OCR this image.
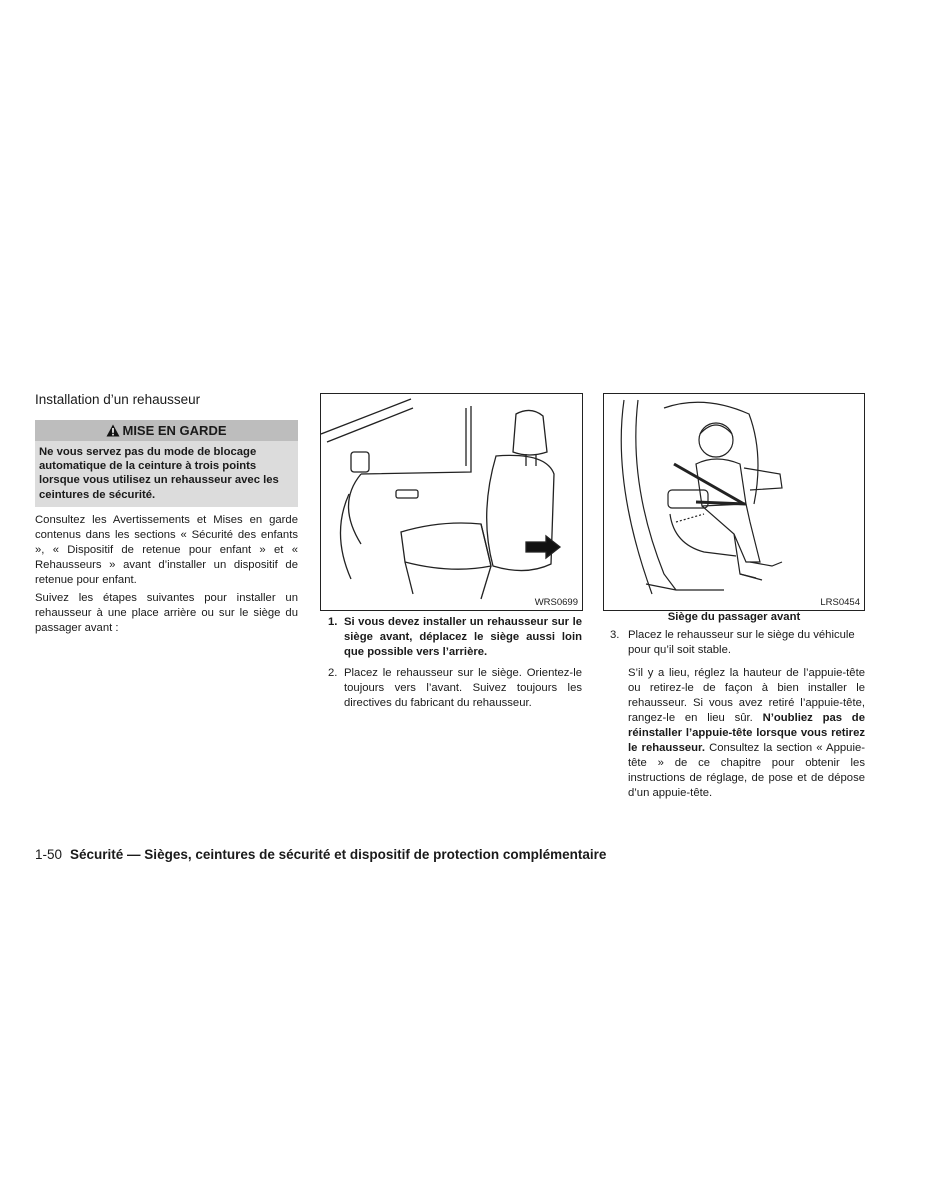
Installation d’un rehausseur
MISE EN GARDE
Ne vous servez pas du mode de blocage automatique de la ceinture à trois points lorsque vous utilisez un rehausseur avec les ceintures de sécurité.
Consultez les Avertissements et Mises en garde contenus dans les sections « Sécurité des enfants », « Dispositif de retenue pour enfant » et « Rehausseurs » avant d’installer un dispositif de retenue pour enfant.
Suivez les étapes suivantes pour installer un rehausseur à une place arrière ou sur le siège du passager avant :
WRS0699	LRS0454
Siège du passager avant
1. Si vous devez installer un rehausseur sur le siège avant, déplacez le siège aussi loin que possible vers l’arrière.
2. Placez le rehausseur sur le siège. Orientez-le toujours vers l’avant. Suivez toujours les directives du fabricant du rehausseur.
3. Placez le rehausseur sur le siège du véhicule pour qu’il soit stable.
S’il y a lieu, réglez la hauteur de l’appuie-tête ou retirez-le de façon à bien installer le rehausseur. Si vous avez retiré l’appuie-tête, rangez-le en lieu sûr. N’oubliez pas de réinstaller l’appuie-tête lorsque vous retirez le rehausseur. Consultez la section « Appuie-tête » de ce chapitre pour obtenir les instructions de réglage, de pose et de dépose d’un appuie-tête.
1-50 Sécurité — Sièges, ceintures de sécurité et dispositif de protection complémentaire
